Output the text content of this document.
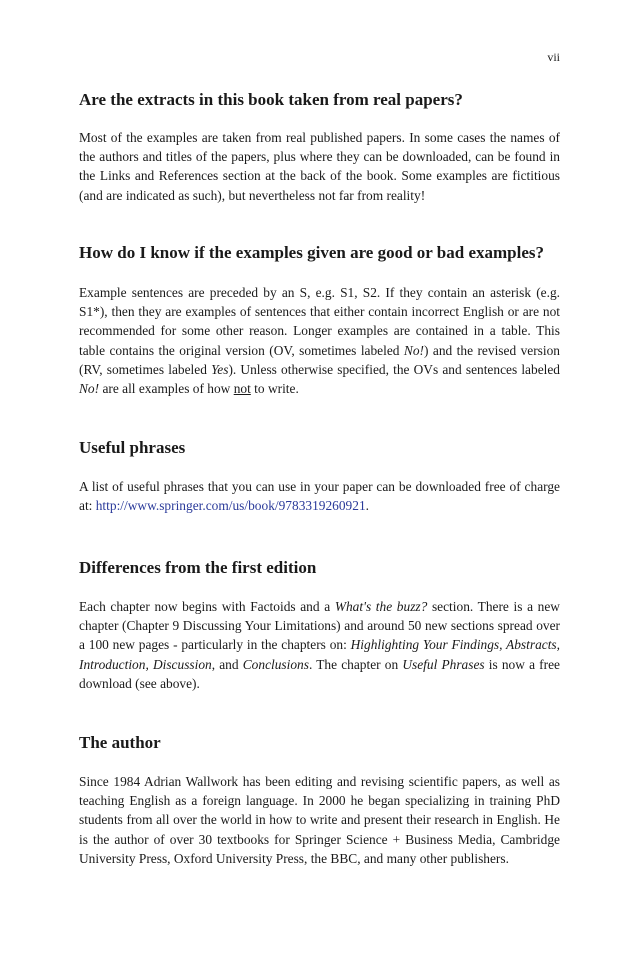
vii
Are the extracts in this book taken from real papers?

Most of the examples are taken from real published papers. In some cases the names of the authors and titles of the papers, plus where they can be downloaded, can be found in the Links and References section at the back of the book. Some examples are fictitious (and are indicated as such), but nevertheless not far from reality!

How do I know if the examples given are good or bad examples?

Example sentences are preceded by an S, e.g. S1, S2. If they contain an asterisk (e.g. S1*), then they are examples of sentences that either contain incorrect English or are not recommended for some other reason. Longer examples are contained in a table. This table contains the original version (OV, sometimes labeled No!) and the revised version (RV, sometimes labeled Yes). Unless otherwise specified, the OVs and sentences labeled No! are all examples of how not to write.

Useful phrases

A list of useful phrases that you can use in your paper can be downloaded free of charge at: http://www.springer.com/us/book/9783319260921.

Differences from the first edition

Each chapter now begins with Factoids and a What's the buzz? section. There is a new chapter (Chapter 9 Discussing Your Limitations) and around 50 new sections spread over a 100 new pages - particularly in the chapters on: Highlighting Your Findings, Abstracts, Introduction, Discussion, and Conclusions. The chapter on Useful Phrases is now a free download (see above).

The author

Since 1984 Adrian Wallwork has been editing and revising scientific papers, as well as teaching English as a foreign language. In 2000 he began specializing in training PhD students from all over the world in how to write and present their research in English. He is the author of over 30 textbooks for Springer Science + Business Media, Cambridge University Press, Oxford University Press, the BBC, and many other publishers.
